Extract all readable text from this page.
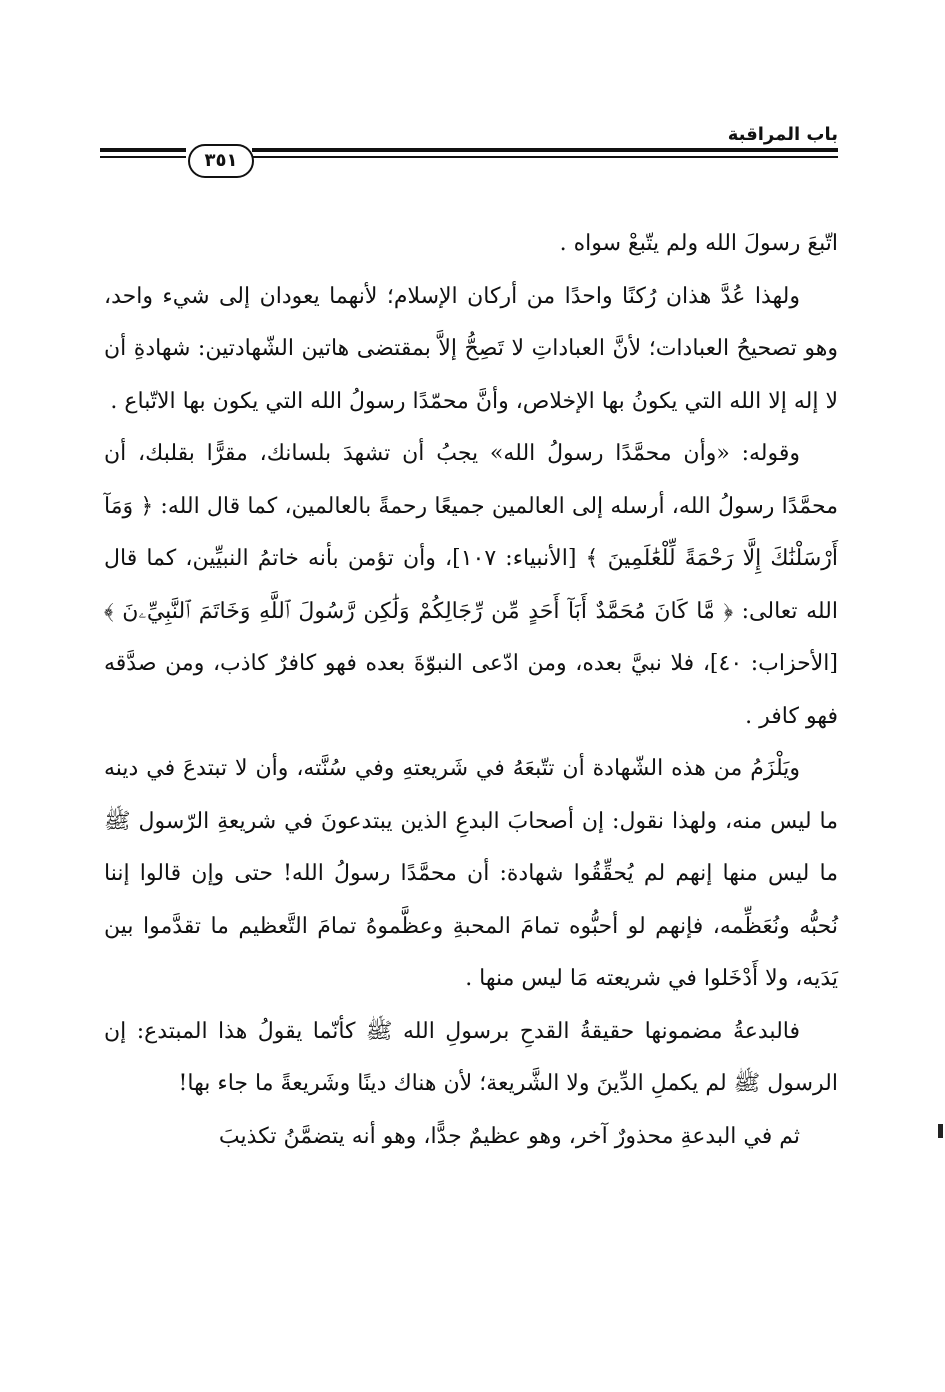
باب المراقبة
٣٥١

اتّبعَ رسولَ الله ولم يتّبعْ سواه .

ولهذا عُدَّ هذان رُكنًا واحدًا من أركان الإسلام؛ لأنهما يعودان إلى شيء واحد، وهو تصحيحُ العبادات؛ لأنَّ العباداتِ لا تَصِحُّ إلاَّ بمقتضى هاتين الشّهادتين: شهادةِ أن لا إله إلا الله التي يكونُ بها الإخلاص، وأنَّ محمّدًا رسولُ الله التي يكون بها الاتّباع .

وقوله: «وأن محمَّدًا رسولُ الله» يجبُ أن تشهدَ بلسانك، مقرًّا بقلبك، أن محمَّدًا رسولُ الله، أرسله إلى العالمين جميعًا رحمةً بالعالمين، كما قال الله: ﴿ وَمَآ أَرْسَلْنَٰكَ إِلَّا رَحْمَةً لِّلْعَٰلَمِينَ ﴾ [الأنبياء: ١٠٧]، وأن تؤمن بأنه خاتمُ النبيِّين، كما قال الله تعالى: ﴿ مَّا كَانَ مُحَمَّدٌ أَبَآ أَحَدٍ مِّن رِّجَالِكُمْ وَلَٰكِن رَّسُولَ ٱللَّهِ وَخَاتَمَ ٱلنَّبِيِّۦنَ ﴾ [الأحزاب: ٤٠]، فلا نبيَّ بعده، ومن ادّعى النبوّةَ بعده فهو كافرٌ كاذب، ومن صدَّقه فهو كافر .

ويَلْزَمُ من هذه الشّهادة أن تتّبعَهُ في شَريعتهِ وفي سُنَّته، وأن لا تبتدعَ في دينه ما ليس منه، ولهذا نقول: إن أصحابَ البدعِ الذين يبتدعونَ في شريعةِ الرّسول ﷺ ما ليس منها إنهم لم يُحقِّقُوا شهادة: أن محمَّدًا رسولُ الله! حتى وإن قالوا إننا نُحبُّه ونُعَظِّمه، فإنهم لو أحبُّوه تمامَ المحبةِ وعظَّموهُ تمامَ التَّعظيم ما تقدَّموا بين يَدَيه، ولا أَدْخَلوا في شريعته مَا ليس منها .

فالبدعةُ مضمونها حقيقةُ القدحِ برسولِ الله ﷺ كأنّما يقولُ هذا المبتدع: إن الرسول ﷺ لم يكملِ الدِّينَ ولا الشَّريعة؛ لأن هناك دينًا وشَريعةً ما جاء بها!

ثم في البدعةِ محذورٌ آخر، وهو عظيمٌ جدًّا، وهو أنه يتضمَّنُ تكذيبَ
